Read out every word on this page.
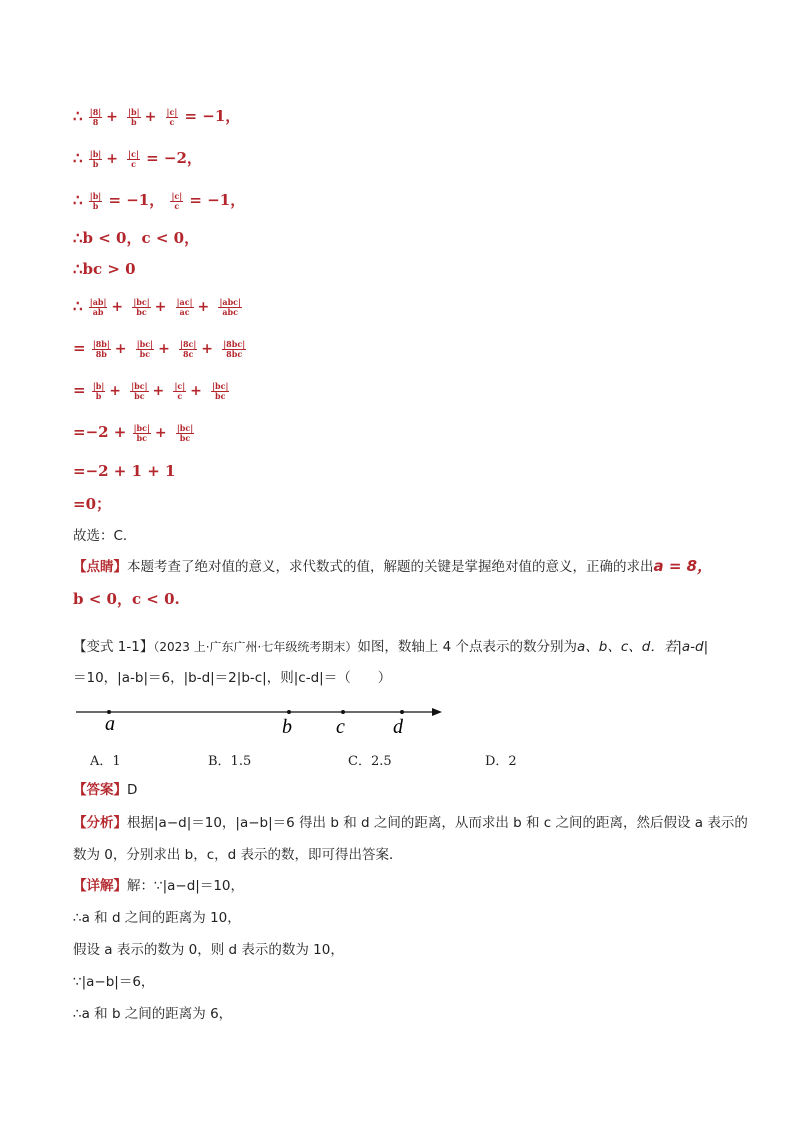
∴ $\frac{|8|}{8} + \frac{|b|}{b} + \frac{|c|}{c} = -1$，
∴ $\frac{|b|}{b} + \frac{|c|}{c} = -2$，
∴ $\frac{|b|}{b} = -1$， $\frac{|c|}{c} = -1$，
∴b < 0，c < 0，
∴bc > 0
∴ $\frac{|ab|}{ab} + \frac{|bc|}{bc} + \frac{|ac|}{ac} + \frac{\text{|abc|}}{\text{abc}}$
= $\frac{|8b|}{8b} + \frac{|bc|}{bc} + \frac{|8c|}{8c} + \frac{|8bc|}{8bc}$
= $\frac{|b|}{b} + \frac{|bc|}{bc} + \frac{|c|}{c} + \frac{|bc|}{bc}$
$=-2 + \frac{|bc|}{bc} + \frac{|bc|}{bc}$
=−2 + 1 + 1
=0；
故选：C．
【点睛】本题考查了绝对值的意义，求代数式的值，解题的关键是掌握绝对值的意义，正确的求出a = 8，
b < 0，c < 0.
【变式 1-1】（2023 上·广东广州·七年级统考期末）如图，数轴上 4 个点表示的数分别为a、b、c、d．若|a-d|
＝10，|a-b|＝6，|b-d|＝2|b-c|，则|c-d|＝（　　）
a	b c d
A．1	B．1.5	C．2.5	D．2
【答案】D
【分析】根据|a−d|＝10，|a−b|＝6 得出 b 和 d 之间的距离，从而求出 b 和 c 之间的距离，然后假设 a 表示的
数为 0，分别求出 b，c，d 表示的数，即可得出答案．
【详解】解：∵|a−d|＝10，
∴a 和 d 之间的距离为 10，
假设 a 表示的数为 0，则 d 表示的数为 10，
∵|a−b|＝6，
∴a 和 b 之间的距离为 6，
